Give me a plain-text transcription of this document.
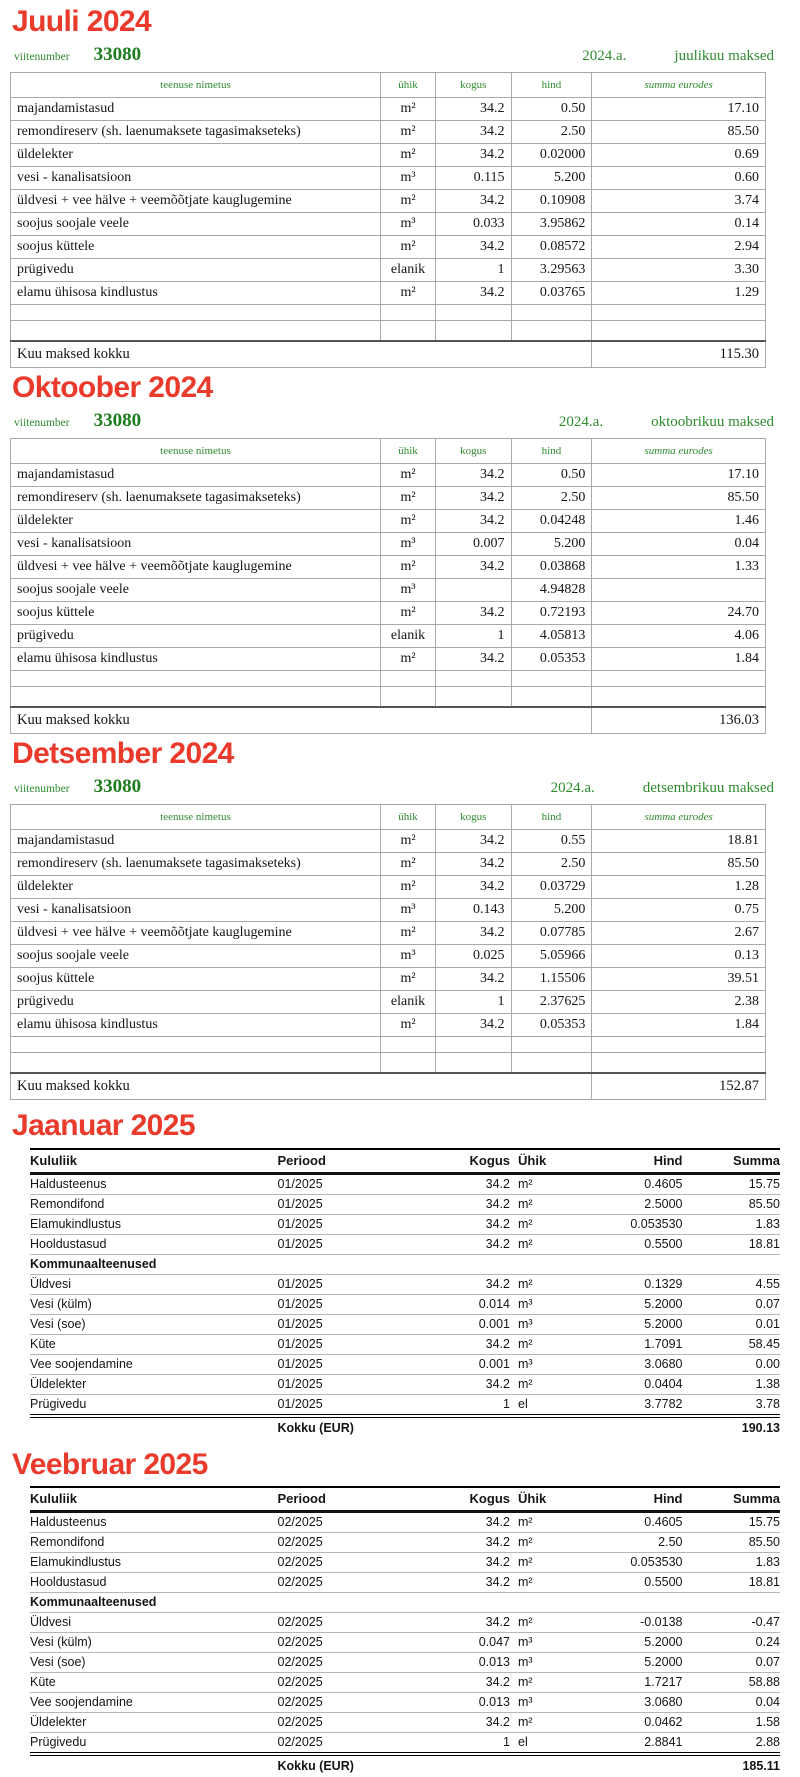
Juuli 2024
viitenumber 33080	2024.a.	juulikuu maksed
teenuse nimetus	ühik	kogus	hind	summa eurodes
majandamistasud	m²	34.2	0.50	17.10
remondireserv (sh. laenumaksete tagasimakseteks)	m²	34.2	2.50	85.50
üldelekter	m²	34.2	0.02000	0.69
vesi - kanalisatsioon	m³	0.115	5.200	0.60
üldvesi + vee hälve + veemõõtjate kauglugemine	m²	34.2	0.10908	3.74
soojus soojale veele	m³	0.033	3.95862	0.14
soojus küttele	m²	34.2	0.08572	2.94
prügivedu	elanik	1	3.29563	3.30
elamu ühisosa kindlustus	m²	34.2	0.03765	1.29

Kuu maksed kokku				115.30
Oktoober 2024
viitenumber 33080	2024.a.	oktoobrikuu maksed
teenuse nimetus	ühik	kogus	hind	summa eurodes
majandamistasud	m²	34.2	0.50	17.10
remondireserv (sh. laenumaksete tagasimakseteks)	m²	34.2	2.50	85.50
üldelekter	m²	34.2	0.04248	1.46
vesi - kanalisatsioon	m³	0.007	5.200	0.04
üldvesi + vee hälve + veemõõtjate kauglugemine	m²	34.2	0.03868	1.33
soojus soojale veele	m³		4.94828	
soojus küttele	m²	34.2	0.72193	24.70
prügivedu	elanik	1	4.05813	4.06
elamu ühisosa kindlustus	m²	34.2	0.05353	1.84

Kuu maksed kokku				136.03
Detsember 2024
viitenumber 33080	2024.a.	detsembrikuu maksed
teenuse nimetus	ühik	kogus	hind	summa eurodes
majandamistasud	m²	34.2	0.55	18.81
remondireserv (sh. laenumaksete tagasimakseteks)	m²	34.2	2.50	85.50
üldelekter	m²	34.2	0.03729	1.28
vesi - kanalisatsioon	m³	0.143	5.200	0.75
üldvesi + vee hälve + veemõõtjate kauglugemine	m²	34.2	0.07785	2.67
soojus soojale veele	m³	0.025	5.05966	0.13
soojus küttele	m²	34.2	1.15506	39.51
prügivedu	elanik	1	2.37625	2.38
elamu ühisosa kindlustus	m²	34.2	0.05353	1.84

Kuu maksed kokku				152.87
Jaanuar 2025
Kululiik	Periood	Kogus	Ühik	Hind	Summa
Haldusteenus	01/2025	34.2	m²	0.4605	15.75
Remondifond	01/2025	34.2	m²	2.5000	85.50
Elamukindlustus	01/2025	34.2	m²	0.053530	1.83
Hooldustasud	01/2025	34.2	m²	0.5500	18.81
Kommunaalteenused					
Üldvesi	01/2025	34.2	m²	0.1329	4.55
Vesi (külm)	01/2025	0.014	m³	5.2000	0.07
Vesi (soe)	01/2025	0.001	m³	5.2000	0.01
Küte	01/2025	34.2	m²	1.7091	58.45
Vee soojendamine	01/2025	0.001	m³	3.0680	0.00
Üldelekter	01/2025	34.2	m²	0.0404	1.38
Prügivedu	01/2025	1	el	3.7782	3.78
	Kokku (EUR)				190.13
Veebruar 2025
Kululiik	Periood	Kogus	Ühik	Hind	Summa
Haldusteenus	02/2025	34.2	m²	0.4605	15.75
Remondifond	02/2025	34.2	m²	2.50	85.50
Elamukindlustus	02/2025	34.2	m²	0.053530	1.83
Hooldustasud	02/2025	34.2	m²	0.5500	18.81
Kommunaalteenused					
Üldvesi	02/2025	34.2	m²	-0.0138	-0.47
Vesi (külm)	02/2025	0.047	m³	5.2000	0.24
Vesi (soe)	02/2025	0.013	m³	5.2000	0.07
Küte	02/2025	34.2	m²	1.7217	58.88
Vee soojendamine	02/2025	0.013	m³	3.0680	0.04
Üldelekter	02/2025	34.2	m²	0.0462	1.58
Prügivedu	02/2025	1	el	2.8841	2.88
	Kokku (EUR)				185.11
